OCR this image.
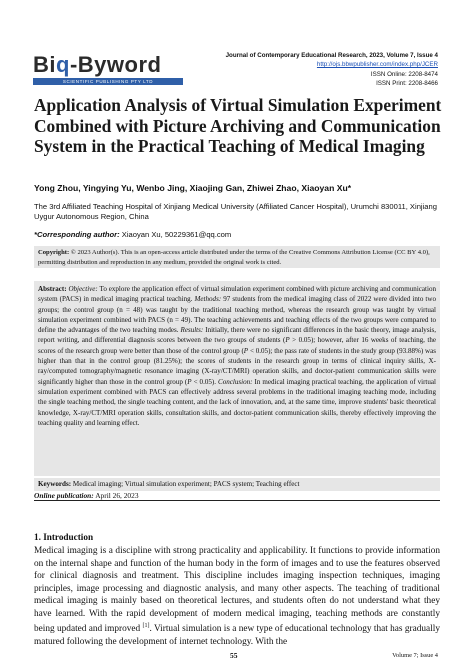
Biq-Byword
SCIENTIFIC PUBLISHING PTY LTD
Journal of Contemporary Educational Research, 2023, Volume 7, Issue 4
http://ojs.bbwpublisher.com/index.php/JCER
ISSN Online: 2208-8474
ISSN Print: 2208-8466
Application Analysis of Virtual Simulation Experiment Combined with Picture Archiving and Communication System in the Practical Teaching of Medical Imaging
Yong Zhou, Yingying Yu, Wenbo Jing, Xiaojing Gan, Zhiwei Zhao, Xiaoyan Xu*
The 3rd Affiliated Teaching Hospital of Xinjiang Medical University (Affiliated Cancer Hospital), Urumchi 830011, Xinjiang Uygur Autonomous Region, China
*Corresponding author: Xiaoyan Xu, 50229361@qq.com
Copyright: © 2023 Author(s). This is an open-access article distributed under the terms of the Creative Commons Attribution License (CC BY 4.0), permitting distribution and reproduction in any medium, provided the original work is cited.

Abstract: Objective: To explore the application effect of virtual simulation experiment combined with picture archiving and communication system (PACS) in medical imaging practical teaching. Methods: 97 students from the medical imaging class of 2022 were divided into two groups; the control group (n = 48) was taught by the traditional teaching method, whereas the research group was taught by virtual simulation experiment combined with PACS (n = 49). The teaching achievements and teaching effects of the two groups were compared to define the advantages of the two teaching modes. Results: Initially, there were no significant differences in the basic theory, image analysis, report writing, and differential diagnosis scores between the two groups of students (P > 0.05); however, after 16 weeks of teaching, the scores of the research group were better than those of the control group (P < 0.05); the pass rate of students in the study group (93.88%) was higher than that in the control group (81.25%); the scores of students in the research group in terms of clinical inquiry skills, X-ray/computed tomography/magnetic resonance imaging (X-ray/CT/MRI) operation skills, and doctor-patient communication skills were significantly higher than those in the control group (P < 0.05). Conclusion: In medical imaging practical teaching, the application of virtual simulation experiment combined with PACS can effectively address several problems in the traditional imaging teaching mode, including the single teaching method, the single teaching content, and the lack of innovation, and, at the same time, improve students' basic theoretical knowledge, X-ray/CT/MRI operation skills, consultation skills, and doctor-patient communication skills, thereby effectively improving the teaching quality and learning effect.

Keywords: Medical imaging; Virtual simulation experiment; PACS system; Teaching effect
Online publication: April 26, 2023
1. Introduction

Medical imaging is a discipline with strong practicality and applicability. It functions to provide information on the internal shape and function of the human body in the form of images and to use the features observed for clinical diagnosis and treatment. This discipline includes imaging inspection techniques, imaging principles, image processing and diagnostic analysis, and many other aspects. The teaching of traditional medical imaging is mainly based on theoretical lectures, and students often do not understand what they have learned. With the rapid development of modern medical imaging, teaching methods are constantly being updated and improved [1]. Virtual simulation is a new type of educational technology that has gradually matured following the development of internet technology. With the

55	Volume 7; Issue 4
